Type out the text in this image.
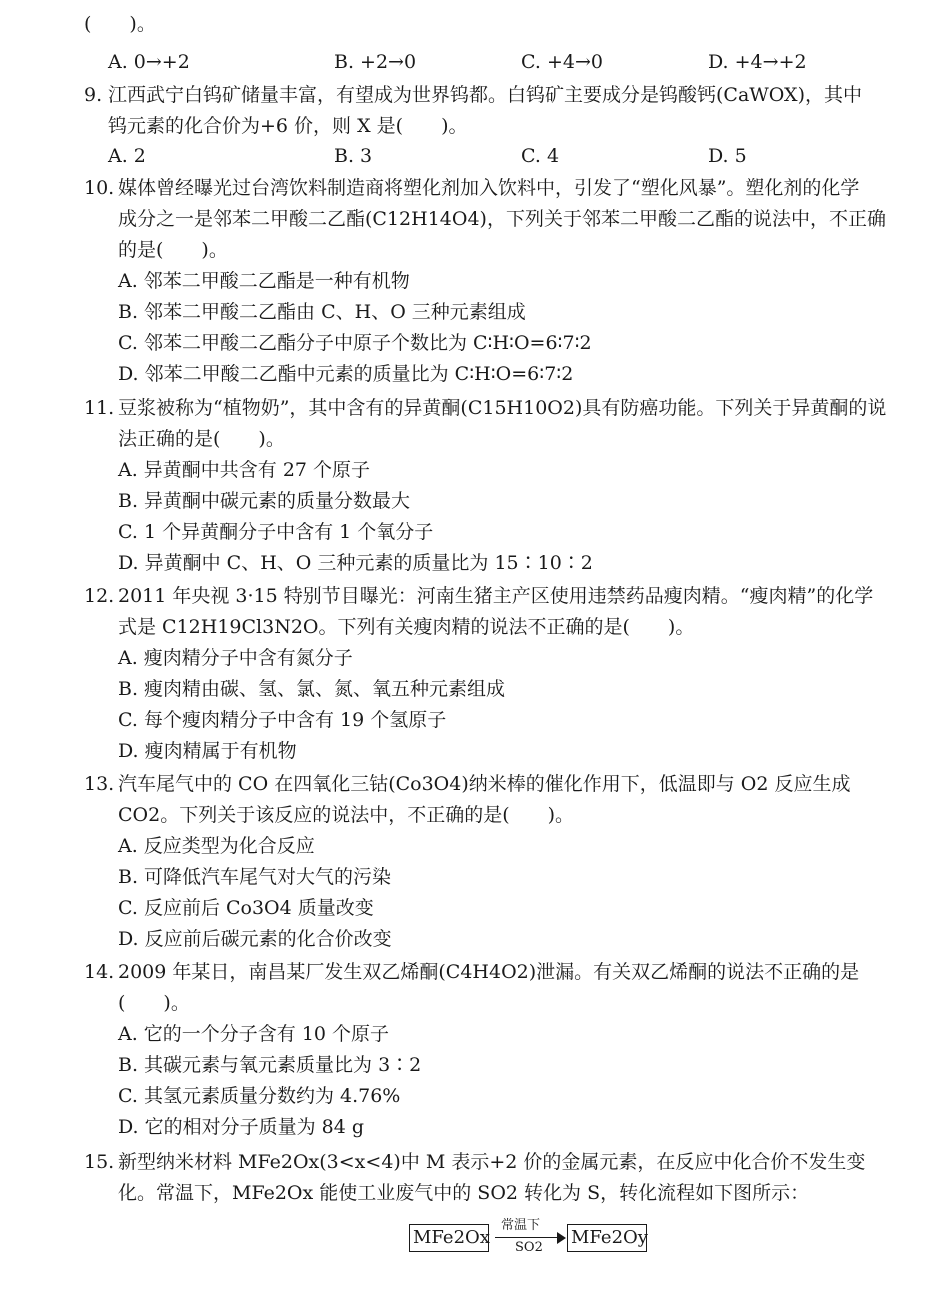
(　　)。
A. 0→+2	B. +2→0	C. +4→0	D. +4→+2
9. 江西武宁白钨矿储量丰富，有望成为世界钨都。白钨矿主要成分是钨酸钙(CaWOX)，其中
钨元素的化合价为+6 价，则 X 是(　　)。
A. 2	B. 3	C. 4	D. 5
10. 媒体曾经曝光过台湾饮料制造商将塑化剂加入饮料中，引发了“塑化风暴”。塑化剂的化学
成分之一是邻苯二甲酸二乙酯(C12H14O4)，下列关于邻苯二甲酸二乙酯的说法中，不正确
的是(　　)。
A. 邻苯二甲酸二乙酯是一种有机物
B. 邻苯二甲酸二乙酯由 C、H、O 三种元素组成
C. 邻苯二甲酸二乙酯分子中原子个数比为 C∶H∶O=6∶7∶2
D. 邻苯二甲酸二乙酯中元素的质量比为 C∶H∶O=6∶7∶2
11. 豆浆被称为“植物奶”，其中含有的异黄酮(C15H10O2)具有防癌功能。下列关于异黄酮的说
法正确的是(　　)。
A. 异黄酮中共含有 27 个原子
B. 异黄酮中碳元素的质量分数最大
C. 1 个异黄酮分子中含有 1 个氧分子
D. 异黄酮中 C、H、O 三种元素的质量比为 15∶10∶2
12. 2011 年央视 3·15 特别节目曝光：河南生猪主产区使用违禁药品瘦肉精。“瘦肉精”的化学
式是 C12H19Cl3N2O。下列有关瘦肉精的说法不正确的是(　　)。
A. 瘦肉精分子中含有氮分子
B. 瘦肉精由碳、氢、氯、氮、氧五种元素组成
C. 每个瘦肉精分子中含有 19 个氢原子
D. 瘦肉精属于有机物
13. 汽车尾气中的 CO 在四氧化三钴(Co3O4)纳米棒的催化作用下，低温即与 O2 反应生成
CO2。下列关于该反应的说法中，不正确的是(　　)。
A. 反应类型为化合反应
B. 可降低汽车尾气对大气的污染
C. 反应前后 Co3O4 质量改变
D. 反应前后碳元素的化合价改变
14. 2009 年某日，南昌某厂发生双乙烯酮(C4H4O2)泄漏。有关双乙烯酮的说法不正确的是
(　　)。
A. 它的一个分子含有 10 个原子
B. 其碳元素与氧元素质量比为 3∶2
C. 其氢元素质量分数约为 4.76%
D. 它的相对分子质量为 84 g
15. 新型纳米材料 MFe2Ox(3<x<4)中 M 表示+2 价的金属元素，在反应中化合价不发生变
化。常温下，MFe2Ox 能使工业废气中的 SO2 转化为 S，转化流程如下图所示：
MFe2Ox
常温下
SO2 MFe2Oy
